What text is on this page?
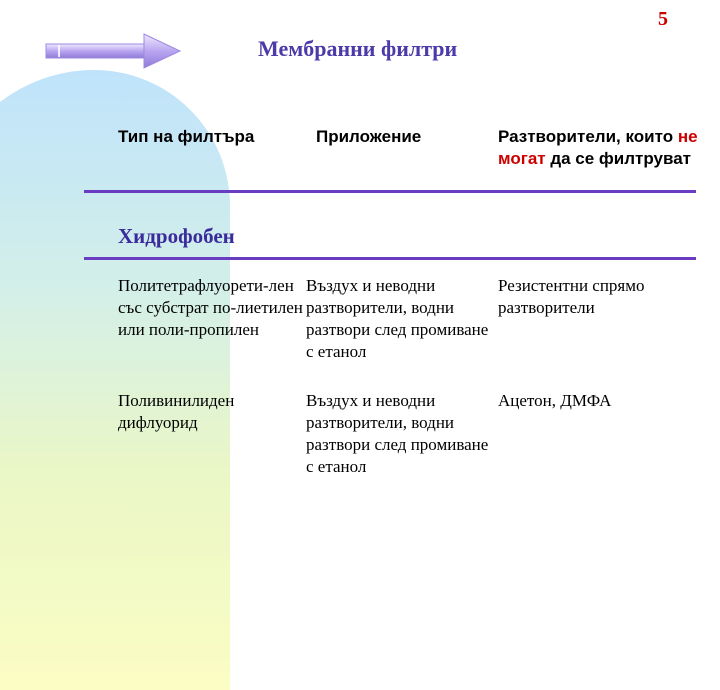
5
Мембранни филтри
Тип на филтъра	Приложение	Разтворители, които не
могат да се филтруват
Хидрофобен
Политетрафлуорети-лен със субстрат по-лиетилен или поли-пропилен
Въздух и неводни разтворители, водни разтвори след промиване с етанол
Резистентни спрямо разтворители
Поливинилиден дифлуорид
Въздух и неводни разтворители, водни разтвори след промиване с етанол
Ацетон, ДМФА
